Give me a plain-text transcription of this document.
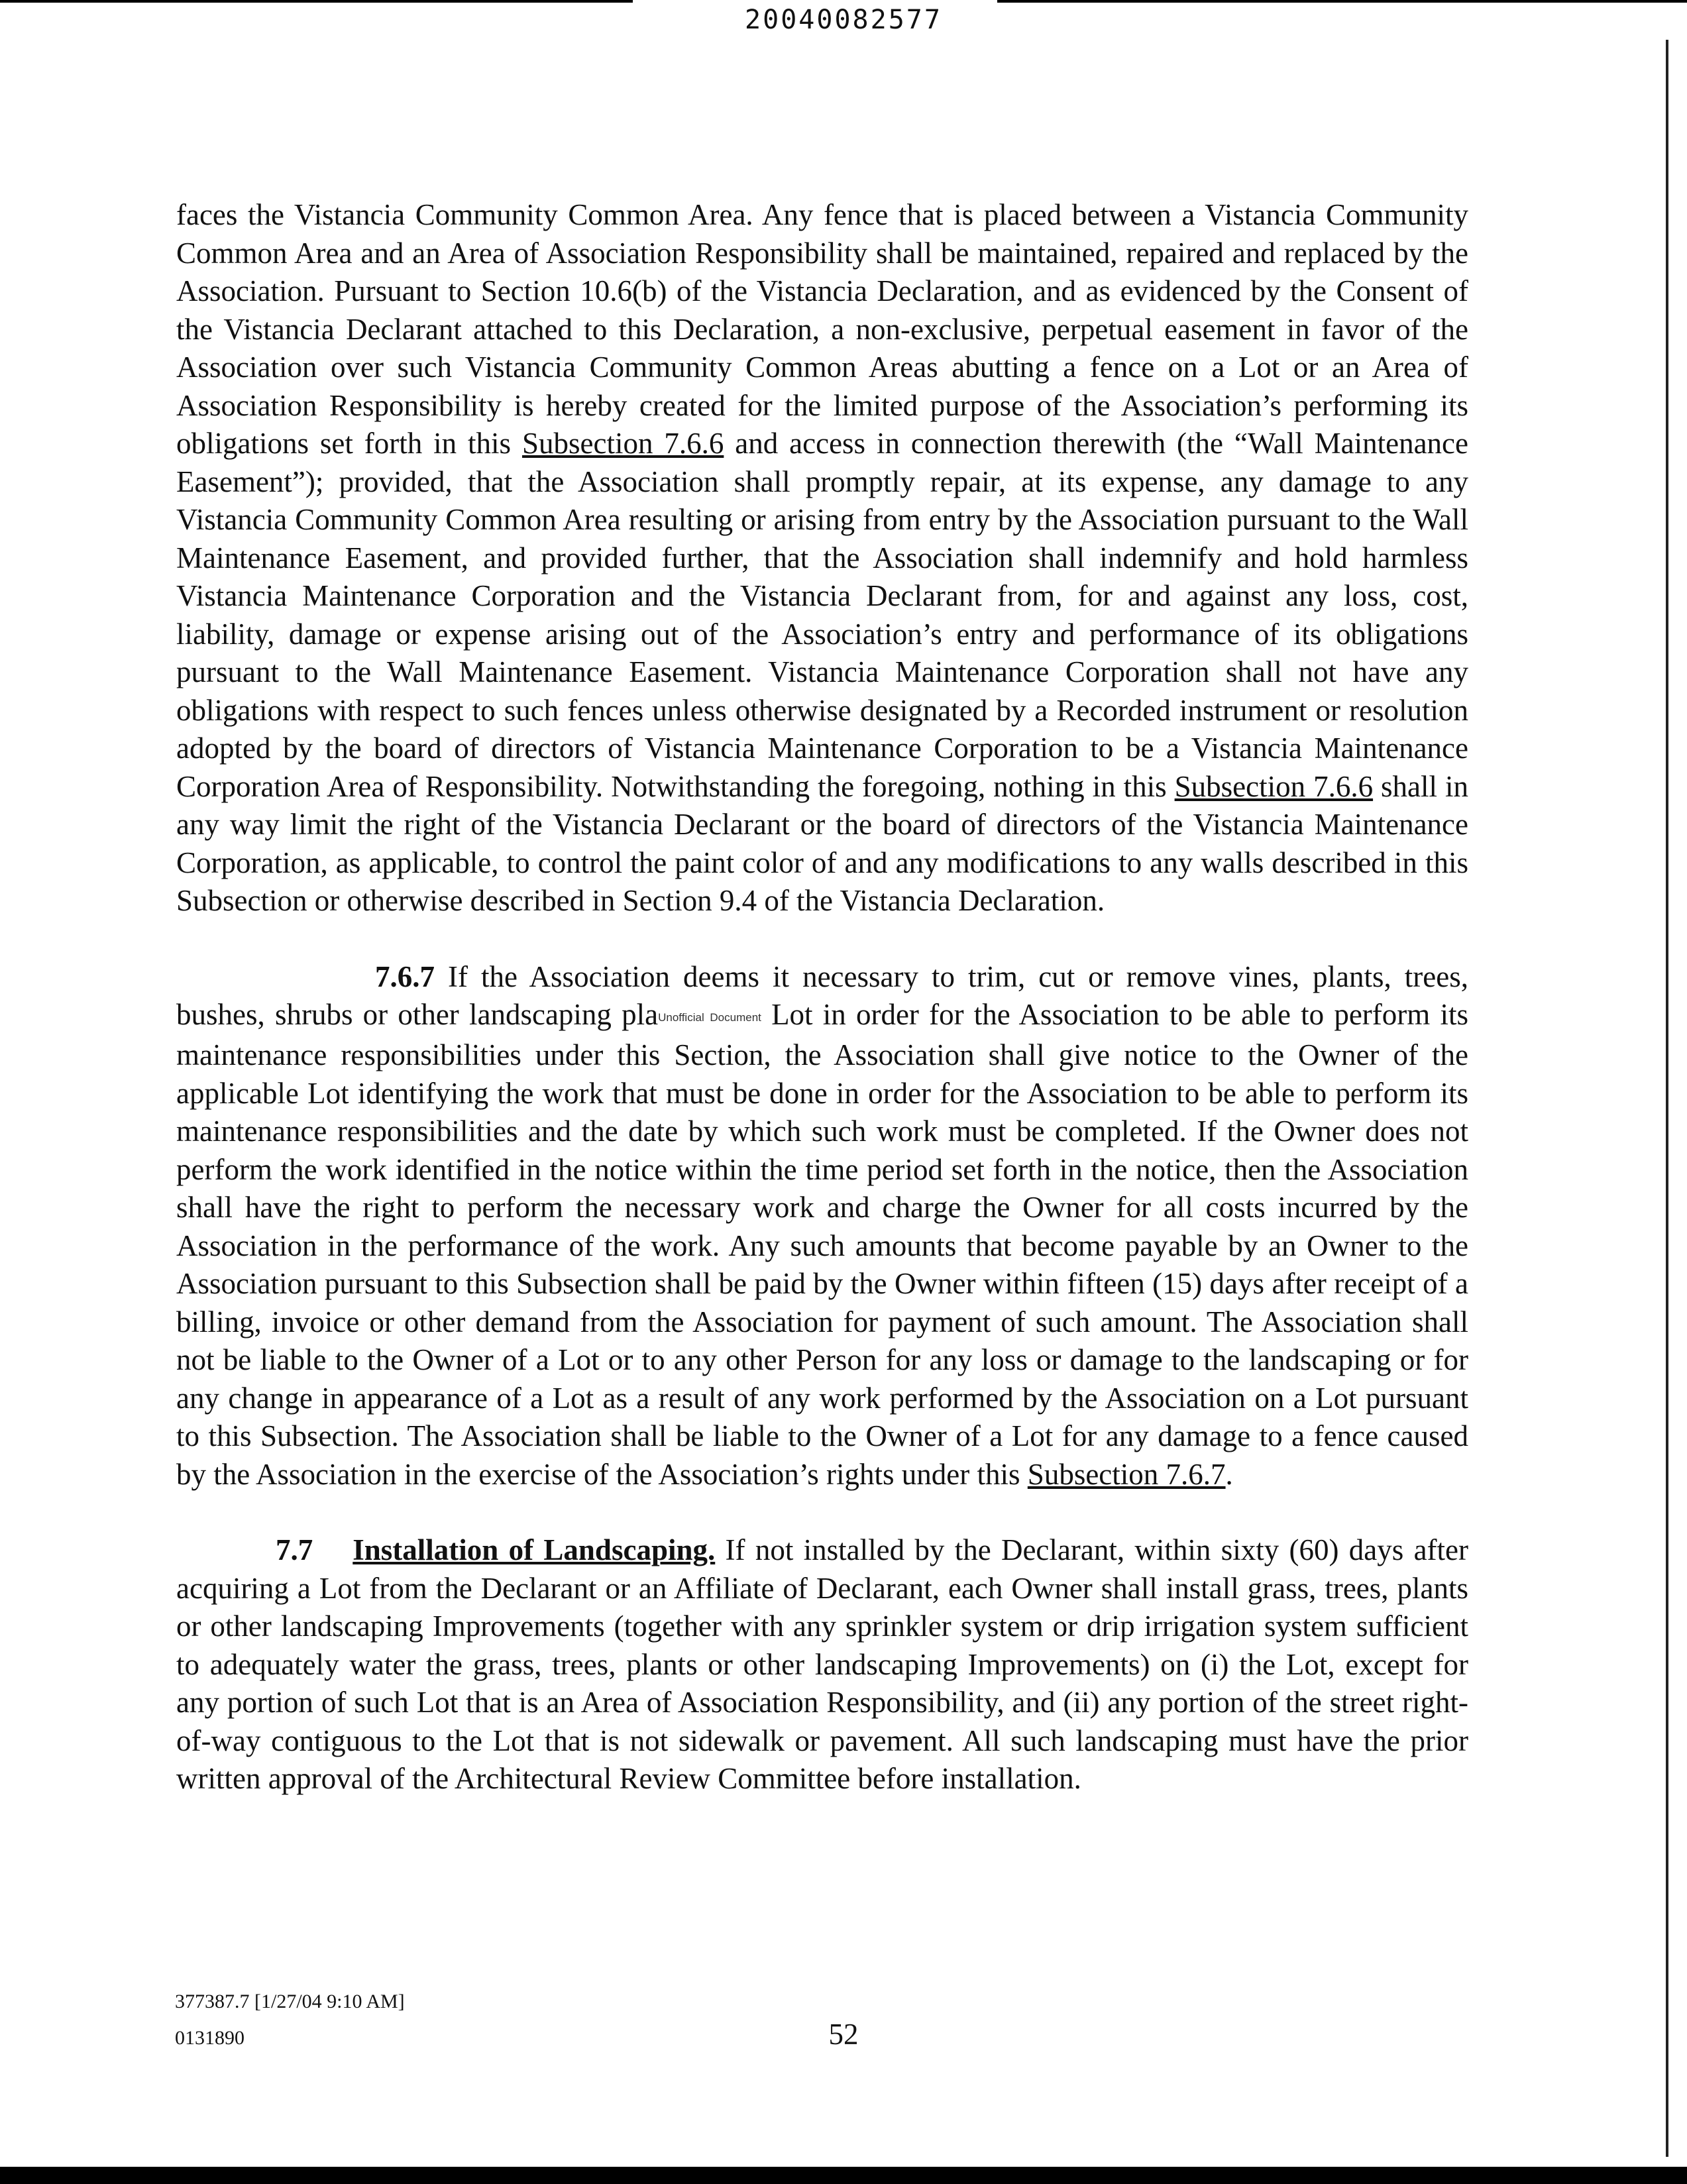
20040082577

faces the Vistancia Community Common Area. Any fence that is placed between a Vistancia Community Common Area and an Area of Association Responsibility shall be maintained, repaired and replaced by the Association. Pursuant to Section 10.6(b) of the Vistancia Declaration, and as evidenced by the Consent of the Vistancia Declarant attached to this Declaration, a non-exclusive, perpetual easement in favor of the Association over such Vistancia Community Common Areas abutting a fence on a Lot or an Area of Association Responsibility is hereby created for the limited purpose of the Association’s performing its obligations set forth in this Subsection 7.6.6 and access in connection therewith (the “Wall Maintenance Easement”); provided, that the Association shall promptly repair, at its expense, any damage to any Vistancia Community Common Area resulting or arising from entry by the Association pursuant to the Wall Maintenance Easement, and provided further, that the Association shall indemnify and hold harmless Vistancia Maintenance Corporation and the Vistancia Declarant from, for and against any loss, cost, liability, damage or expense arising out of the Association’s entry and performance of its obligations pursuant to the Wall Maintenance Easement. Vistancia Maintenance Corporation shall not have any obligations with respect to such fences unless otherwise designated by a Recorded instrument or resolution adopted by the board of directors of Vistancia Maintenance Corporation to be a Vistancia Maintenance Corporation Area of Responsibility. Notwithstanding the foregoing, nothing in this Subsection 7.6.6 shall in any way limit the right of the Vistancia Declarant or the board of directors of the Vistancia Maintenance Corporation, as applicable, to control the paint color of and any modifications to any walls described in this Subsection or otherwise described in Section 9.4 of the Vistancia Declaration.

7.6.7 If the Association deems it necessary to trim, cut or remove vines, plants, trees, bushes, shrubs or other landscaping plaUnofficial Document Lot in order for the Association to be able to perform its maintenance responsibilities under this Section, the Association shall give notice to the Owner of the applicable Lot identifying the work that must be done in order for the Association to be able to perform its maintenance responsibilities and the date by which such work must be completed. If the Owner does not perform the work identified in the notice within the time period set forth in the notice, then the Association shall have the right to perform the necessary work and charge the Owner for all costs incurred by the Association in the performance of the work. Any such amounts that become payable by an Owner to the Association pursuant to this Subsection shall be paid by the Owner within fifteen (15) days after receipt of a billing, invoice or other demand from the Association for payment of such amount. The Association shall not be liable to the Owner of a Lot or to any other Person for any loss or damage to the landscaping or for any change in appearance of a Lot as a result of any work performed by the Association on a Lot pursuant to this Subsection. The Association shall be liable to the Owner of a Lot for any damage to a fence caused by the Association in the exercise of the Association’s rights under this Subsection 7.6.7.

7.7 Installation of Landscaping. If not installed by the Declarant, within sixty (60) days after acquiring a Lot from the Declarant or an Affiliate of Declarant, each Owner shall install grass, trees, plants or other landscaping Improvements (together with any sprinkler system or drip irrigation system sufficient to adequately water the grass, trees, plants or other landscaping Improvements) on (i) the Lot, except for any portion of such Lot that is an Area of Association Responsibility, and (ii) any portion of the street right-of-way contiguous to the Lot that is not sidewalk or pavement. All such landscaping must have the prior written approval of the Architectural Review Committee before installation.

377387.7 [1/27/04 9:10 AM]
0131890	52
